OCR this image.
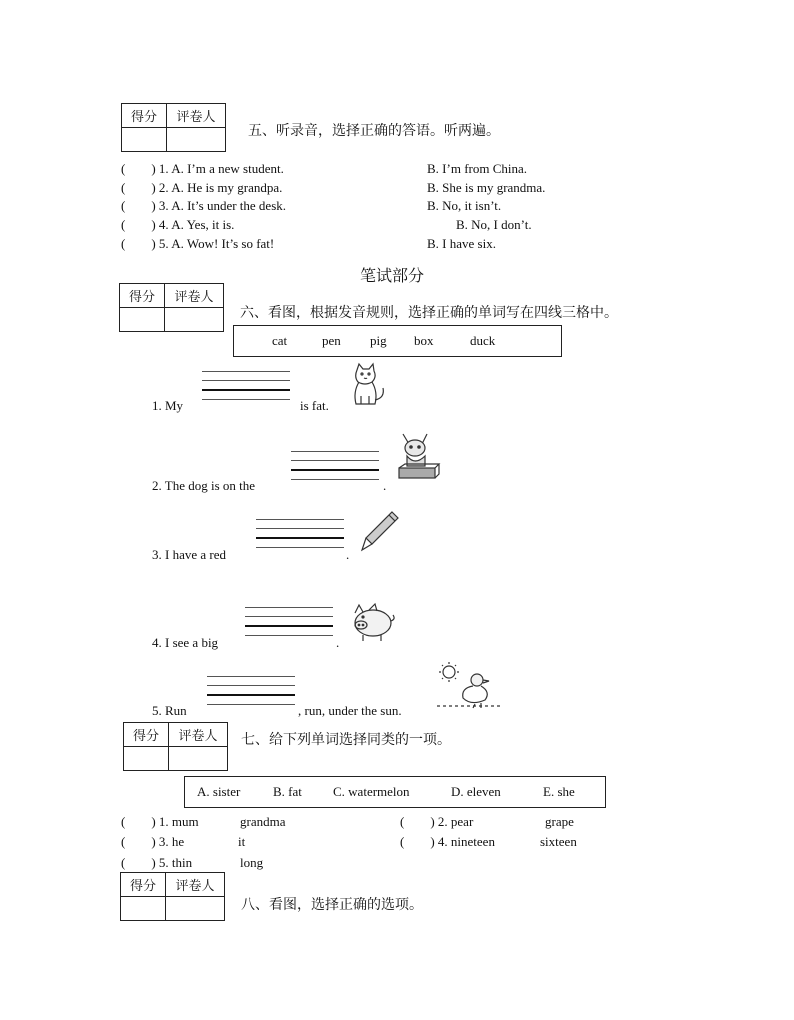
得分	评卷人

五、听录音，选择正确的答语。听两遍。
(　　) 1. A. I’m a new student.	B. I’m from China.
(　　) 2. A. He is my grandpa.	B. She is my grandma.
(　　) 3. A. It’s under the desk.	B. No, it isn’t.
(　　) 4. A. Yes, it is.	B. No, I don’t.
(　　) 5. A. Wow! It’s so fat!	B. I have six.
笔试部分
得分	评卷人

六、看图，根据发音规则，选择正确的单词写在四线三格中。
cat	pen pig box	duck
1. My	is fat.
2. The dog is on the	.
3. I have a red	.
4. I see a big	.
5. Run	, run, under the sun.
得分	评卷人
	七、给下列单词选择同类的一项。
A. sister	B. fat C. watermelon	D. eleven	E. she
(　　) 1. mum	grandma	(　　) 2. pear	grape
(　　) 3. he	it	(　　) 4. nineteen	sixteen
(　　) 5. thin	long
得分	评卷人

八、看图，选择正确的选项。
